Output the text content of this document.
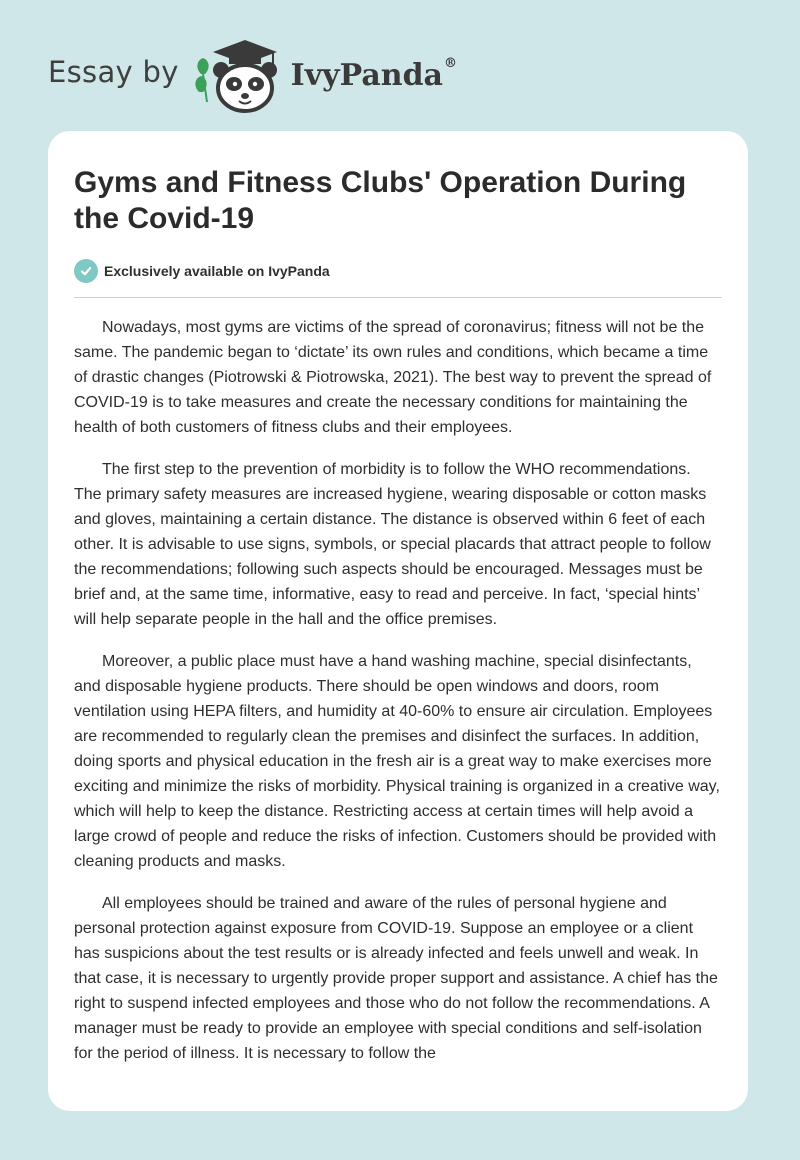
Essay by	IvyPanda®
Gyms and Fitness Clubs' Operation During the Covid-19
Exclusively available on IvyPanda

Nowadays, most gyms are victims of the spread of coronavirus; fitness will not be the same. The pandemic began to ‘dictate’ its own rules and conditions, which became a time of drastic changes (Piotrowski & Piotrowska, 2021). The best way to prevent the spread of COVID-19 is to take measures and create the necessary conditions for maintaining the health of both customers of fitness clubs and their employees.

The first step to the prevention of morbidity is to follow the WHO recommendations. The primary safety measures are increased hygiene, wearing disposable or cotton masks and gloves, maintaining a certain distance. The distance is observed within 6 feet of each other. It is advisable to use signs, symbols, or special placards that attract people to follow the recommendations; following such aspects should be encouraged. Messages must be brief and, at the same time, informative, easy to read and perceive. In fact, ‘special hints’ will help separate people in the hall and the office premises.

Moreover, a public place must have a hand washing machine, special disinfectants, and disposable hygiene products. There should be open windows and doors, room ventilation using HEPA filters, and humidity at 40-60% to ensure air circulation. Employees are recommended to regularly clean the premises and disinfect the surfaces. In addition, doing sports and physical education in the fresh air is a great way to make exercises more exciting and minimize the risks of morbidity. Physical training is organized in a creative way, which will help to keep the distance. Restricting access at certain times will help avoid a large crowd of people and reduce the risks of infection. Customers should be provided with cleaning products and masks.

All employees should be trained and aware of the rules of personal hygiene and personal protection against exposure from COVID-19. Suppose an employee or a client has suspicions about the test results or is already infected and feels unwell and weak. In that case, it is necessary to urgently provide proper support and assistance. A chief has the right to suspend infected employees and those who do not follow the recommendations. A manager must be ready to provide an employee with special conditions and self-isolation for the period of illness. It is necessary to follow the
